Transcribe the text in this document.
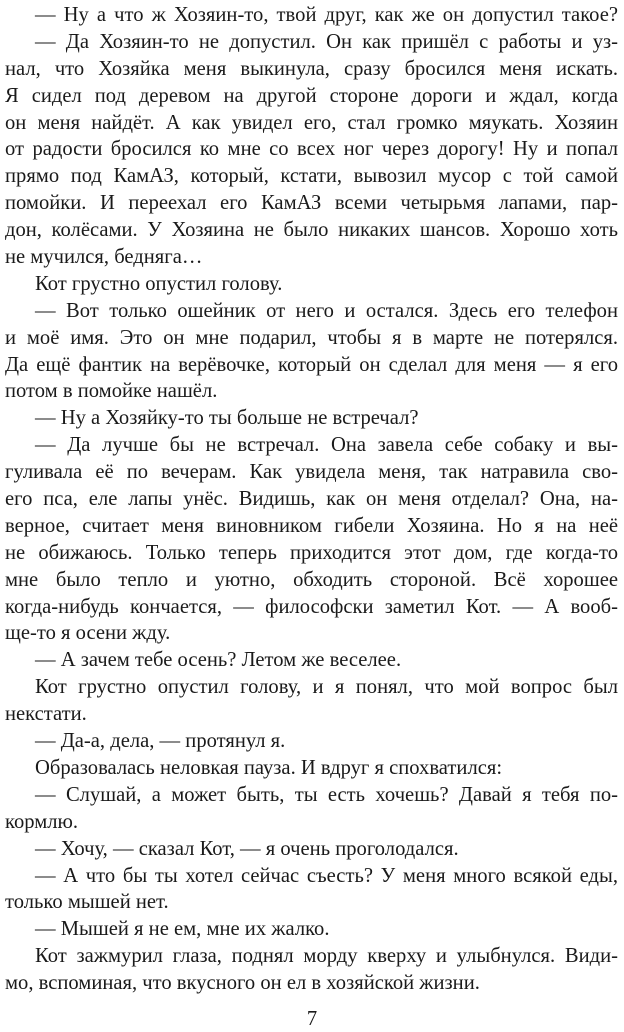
— Ну а что ж Хозяин-то, твой друг, как же он допустил такое?
— Да Хозяин-то не допустил. Он как пришёл с работы и уз-
нал, что Хозяйка меня выкинула, сразу бросился меня искать.
Я сидел под деревом на другой стороне дороги и ждал, когда
он меня найдёт. А как увидел его, стал громко мяукать. Хозяин
от радости бросился ко мне со всех ног через дорогу! Ну и попал
прямо под КамАЗ, который, кстати, вывозил мусор с той самой
помойки. И переехал его КамАЗ всеми четырьмя лапами, пар-
дон, колёсами. У Хозяина не было никаких шансов. Хорошо хоть
не мучился, бедняга…
Кот грустно опустил голову.
— Вот только ошейник от него и остался. Здесь его телефон
и моё имя. Это он мне подарил, чтобы я в марте не потерялся.
Да ещё фантик на верёвочке, который он сделал для меня — я его
потом в помойке нашёл.
— Ну а Хозяйку-то ты больше не встречал?
— Да лучше бы не встречал. Она завела себе собаку и вы-
гуливала её по вечерам. Как увидела меня, так натравила сво-
его пса, еле лапы унёс. Видишь, как он меня отделал? Она, на-
верное, считает меня виновником гибели Хозяина. Но я на неё
не обижаюсь. Только теперь приходится этот дом, где когда-то
мне было тепло и уютно, обходить стороной. Всё хорошее
когда-нибудь кончается, — философски заметил Кот. — А вооб-
ще-то я осени жду.
— А зачем тебе осень? Летом же веселее.
Кот грустно опустил голову, и я понял, что мой вопрос был
некстати.
— Да-а, дела, — протянул я.
Образовалась неловкая пауза. И вдруг я спохватился:
— Слушай, а может быть, ты есть хочешь? Давай я тебя по-
кормлю.
— Хочу, — сказал Кот, — я очень проголодался.
— А что бы ты хотел сейчас съесть? У меня много всякой еды,
только мышей нет.
— Мышей я не ем, мне их жалко.
Кот зажмурил глаза, поднял морду кверху и улыбнулся. Види-
мо, вспоминая, что вкусного он ел в хозяйской жизни.
7
